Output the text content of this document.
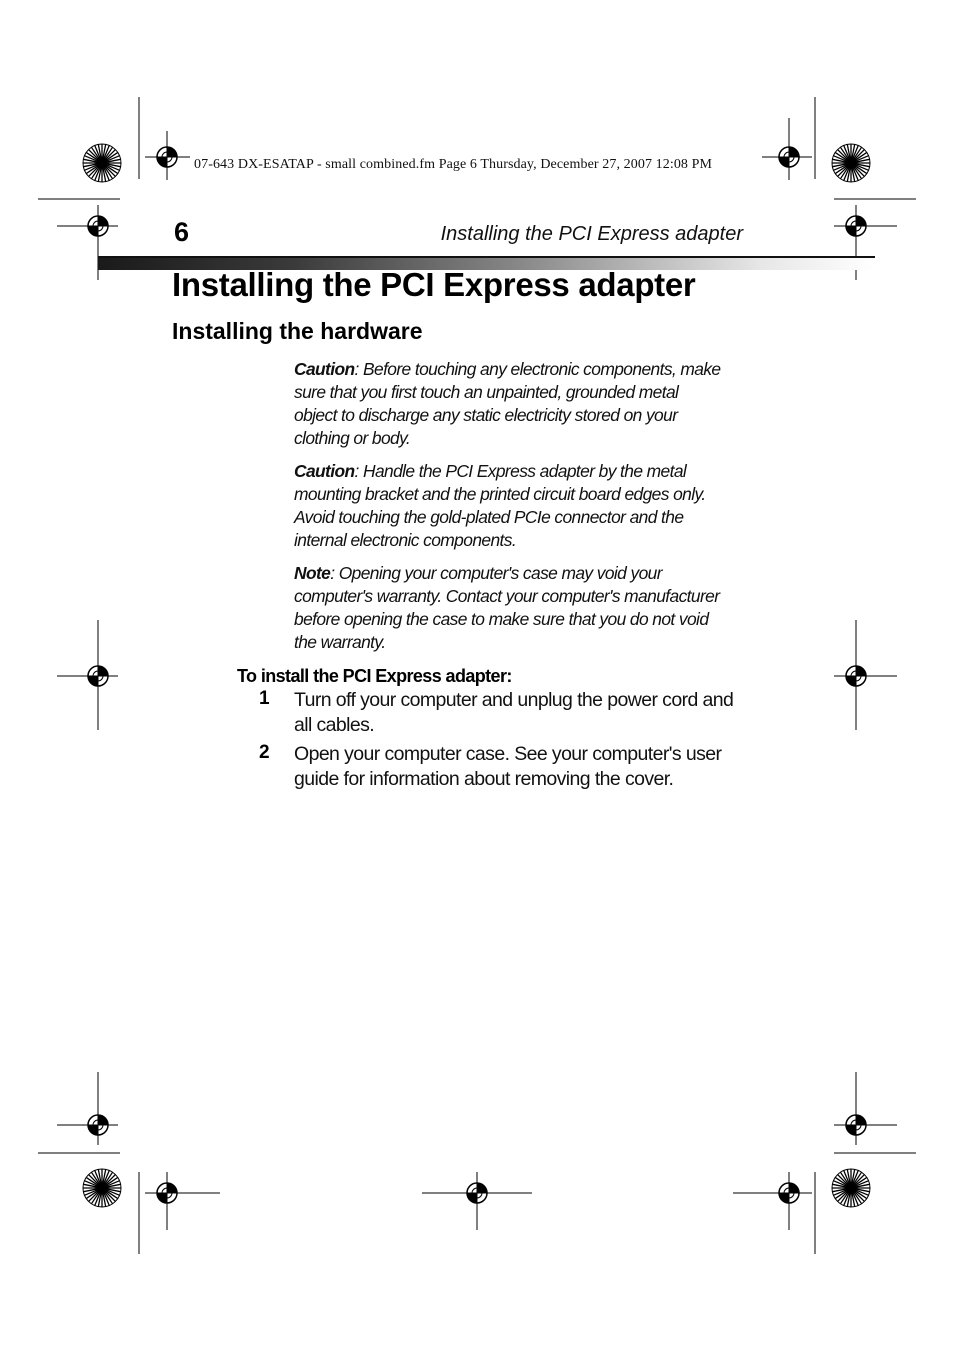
07-643 DX-ESATAP - small combined.fm Page 6 Thursday, December 27, 2007 12:08 PM
6	Installing the PCI Express adapter
Installing the PCI Express adapter
Installing the hardware
Caution: Before touching any electronic components, make sure that you first touch an unpainted, grounded metal object to discharge any static electricity stored on your clothing or body.
Caution: Handle the PCI Express adapter by the metal mounting bracket and the printed circuit board edges only. Avoid touching the gold-plated PCIe connector and the internal electronic components.
Note: Opening your computer's case may void your computer's warranty. Contact your computer's manufacturer before opening the case to make sure that you do not void the warranty.
To install the PCI Express adapter:
1 Turn off your computer and unplug the power cord and all cables.
2 Open your computer case. See your computer's user guide for information about removing the cover.
